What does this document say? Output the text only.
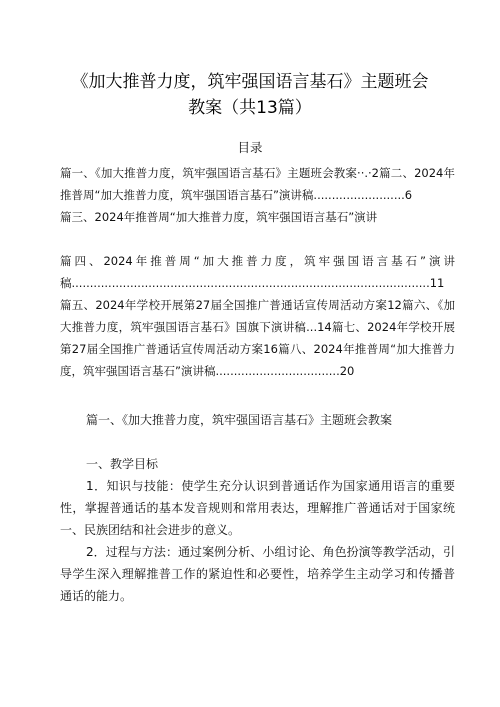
《加大推普力度，筑牢强国语言基石》主题班会
教案（共13篇）
目录

篇一、《加大推普力度，筑牢强国语言基石》主题班会教案··.·2篇二、2024年推普周“加大推普力度，筑牢强国语言基石”演讲稿.........................6

篇三、2024年推普周“加大推普力度，筑牢强国语言基石”演讲

篇四、2024年推普周“加大推普力度，筑牢强国语言基石”演讲稿..................................................................................................11

篇五、2024年学校开展第27届全国推广普通话宣传周活动方案12篇六、《加大推普力度，筑牢强国语言基石》国旗下演讲稿...14篇七、2024年学校开展第27届全国推广普通话宣传周活动方案16篇八、2024年推普周“加大推普力度，筑牢强国语言基石”演讲稿..................................20

篇一、《加大推普力度，筑牢强国语言基石》主题班会教案

一、教学目标

1．知识与技能：使学生充分认识到普通话作为国家通用语言的重要性，掌握普通话的基本发音规则和常用表达，理解推广普通话对于国家统一、民族团结和社会进步的意义。

2．过程与方法：通过案例分析、小组讨论、角色扮演等教学活动，引导学生深入理解推普工作的紧迫性和必要性，培养学生主动学习和传播普通话的能力。
